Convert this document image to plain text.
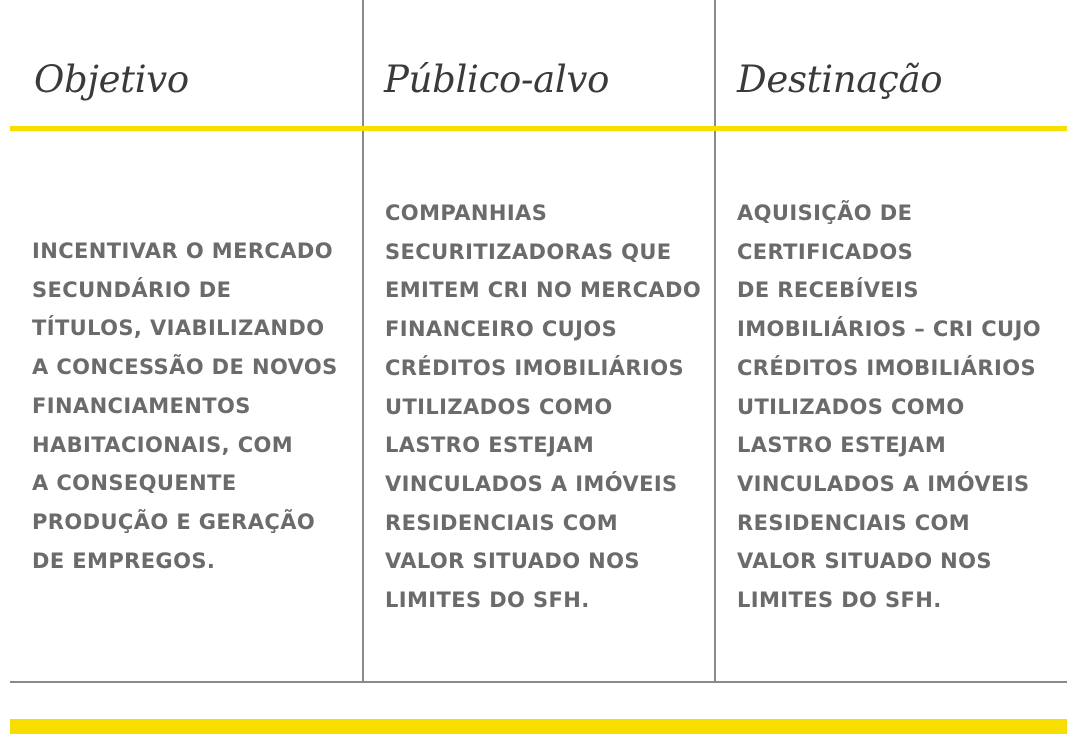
Objetivo	Público-alvo	Destinação
INCENTIVAR O MERCADO
SECUNDÁRIO DE
TÍTULOS, VIABILIZANDO
A CONCESSÃO DE NOVOS
FINANCIAMENTOS
HABITACIONAIS, COM
A CONSEQUENTE
PRODUÇÃO E GERAÇÃO
DE EMPREGOS.
COMPANHIAS
SECURITIZADORAS QUE
EMITEM CRI NO MERCADO
FINANCEIRO CUJOS
CRÉDITOS IMOBILIÁRIOS
UTILIZADOS COMO
LASTRO ESTEJAM
VINCULADOS A IMÓVEIS
RESIDENCIAIS COM
VALOR SITUADO NOS
LIMITES DO SFH.
AQUISIÇÃO DE
CERTIFICADOS
DE RECEBÍVEIS
IMOBILIÁRIOS – CRI CUJO
CRÉDITOS IMOBILIÁRIOS
UTILIZADOS COMO
LASTRO ESTEJAM
VINCULADOS A IMÓVEIS
RESIDENCIAIS COM
VALOR SITUADO NOS
LIMITES DO SFH.
